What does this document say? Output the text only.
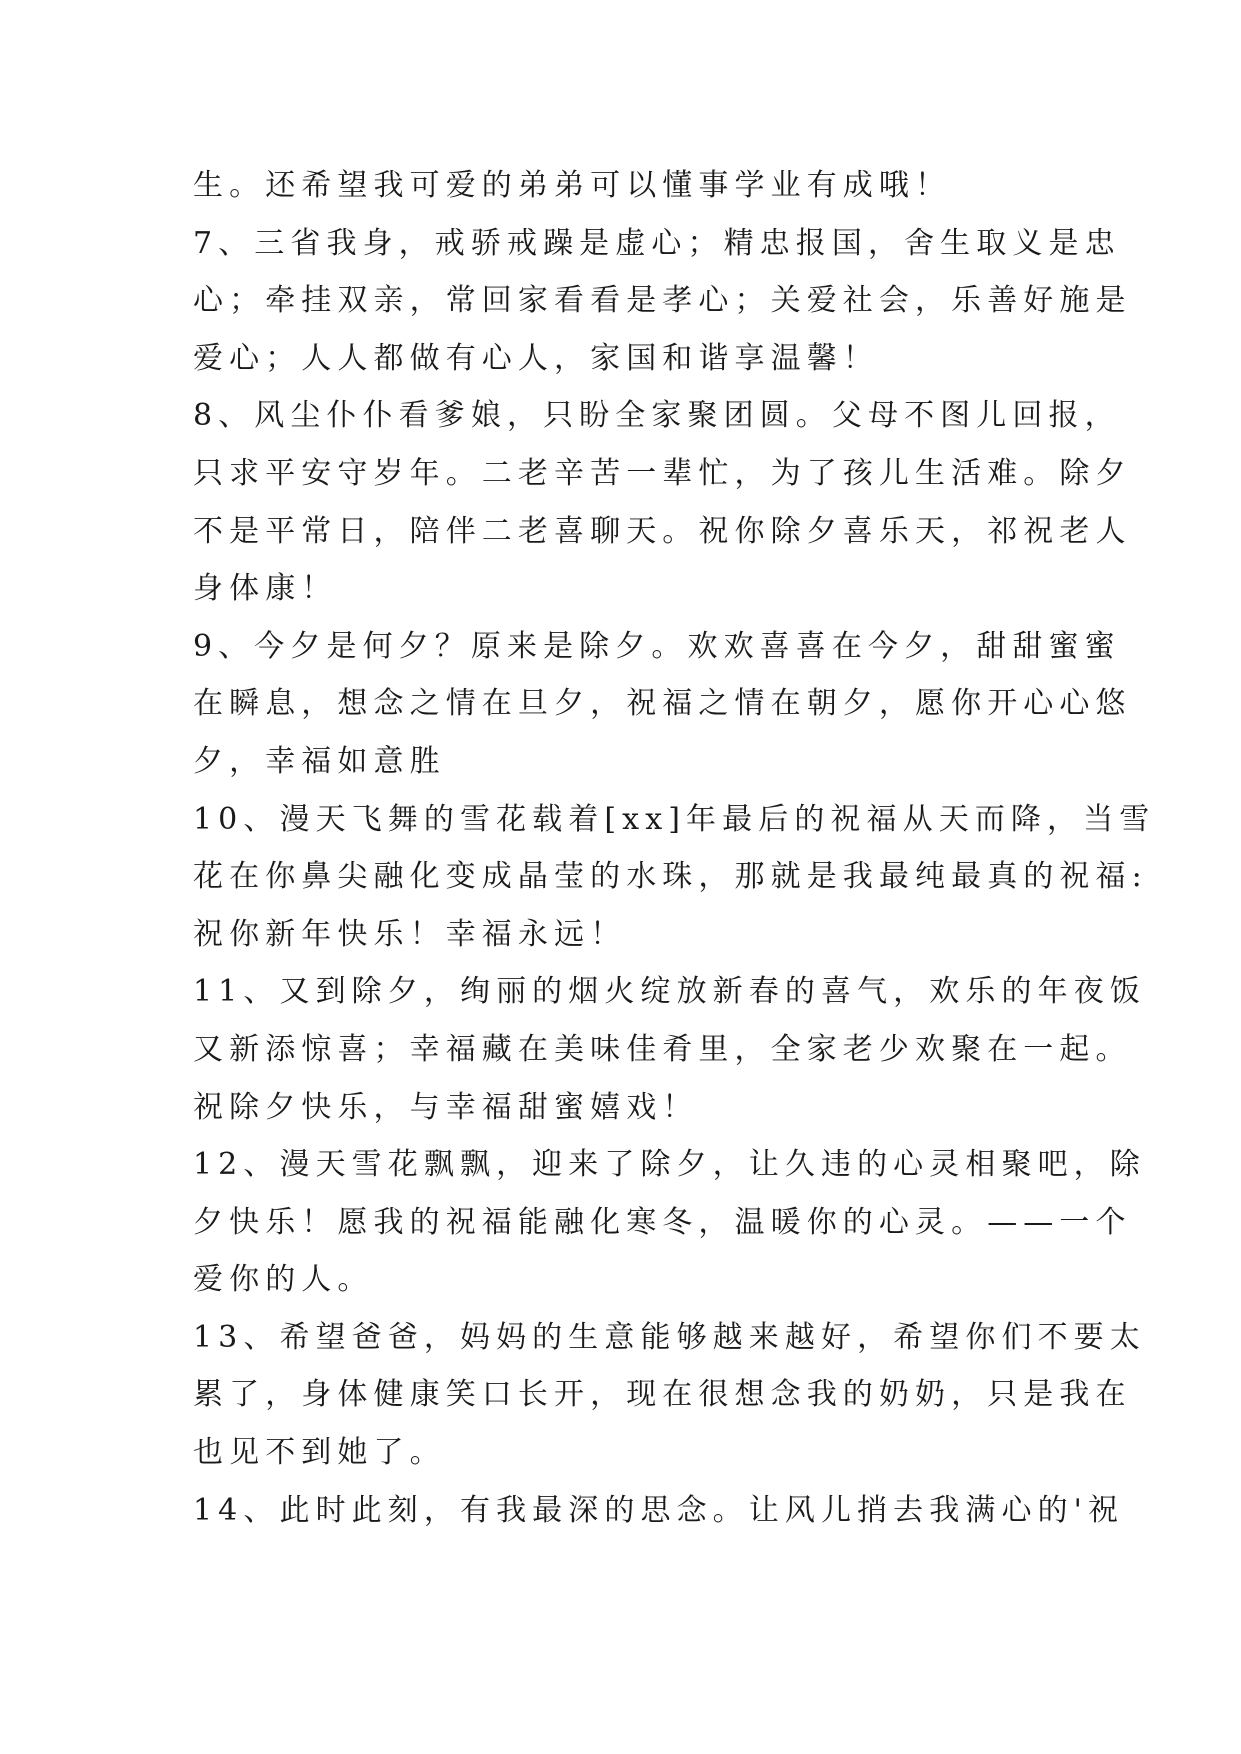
生。还希望我可爱的弟弟可以懂事学业有成哦！
7、三省我身，戒骄戒躁是虚心；精忠报国，舍生取义是忠
心；牵挂双亲，常回家看看是孝心；关爱社会，乐善好施是
爱心；人人都做有心人，家国和谐享温馨！
8、风尘仆仆看爹娘，只盼全家聚团圆。父母不图儿回报，
只求平安守岁年。二老辛苦一辈忙，为了孩儿生活难。除夕
不是平常日，陪伴二老喜聊天。祝你除夕喜乐天，祁祝老人
身体康！
9、今夕是何夕？原来是除夕。欢欢喜喜在今夕，甜甜蜜蜜
在瞬息，想念之情在旦夕，祝福之情在朝夕，愿你开心心悠
夕，幸福如意胜
10、漫天飞舞的雪花载着[xx]年最后的祝福从天而降，当雪
花在你鼻尖融化变成晶莹的水珠，那就是我最纯最真的祝福:
祝你新年快乐！幸福永远！
11、又到除夕，绚丽的烟火绽放新春的喜气，欢乐的年夜饭
又新添惊喜；幸福藏在美味佳肴里，全家老少欢聚在一起。
祝除夕快乐，与幸福甜蜜嬉戏！
12、漫天雪花飘飘，迎来了除夕，让久违的心灵相聚吧，除
夕快乐！愿我的祝福能融化寒冬，温暖你的心灵。——一个
爱你的人。
13、希望爸爸，妈妈的生意能够越来越好，希望你们不要太
累了，身体健康笑口长开，现在很想念我的奶奶，只是我在
也见不到她了。
14、此时此刻，有我最深的思念。让风儿捎去我满心的'祝
